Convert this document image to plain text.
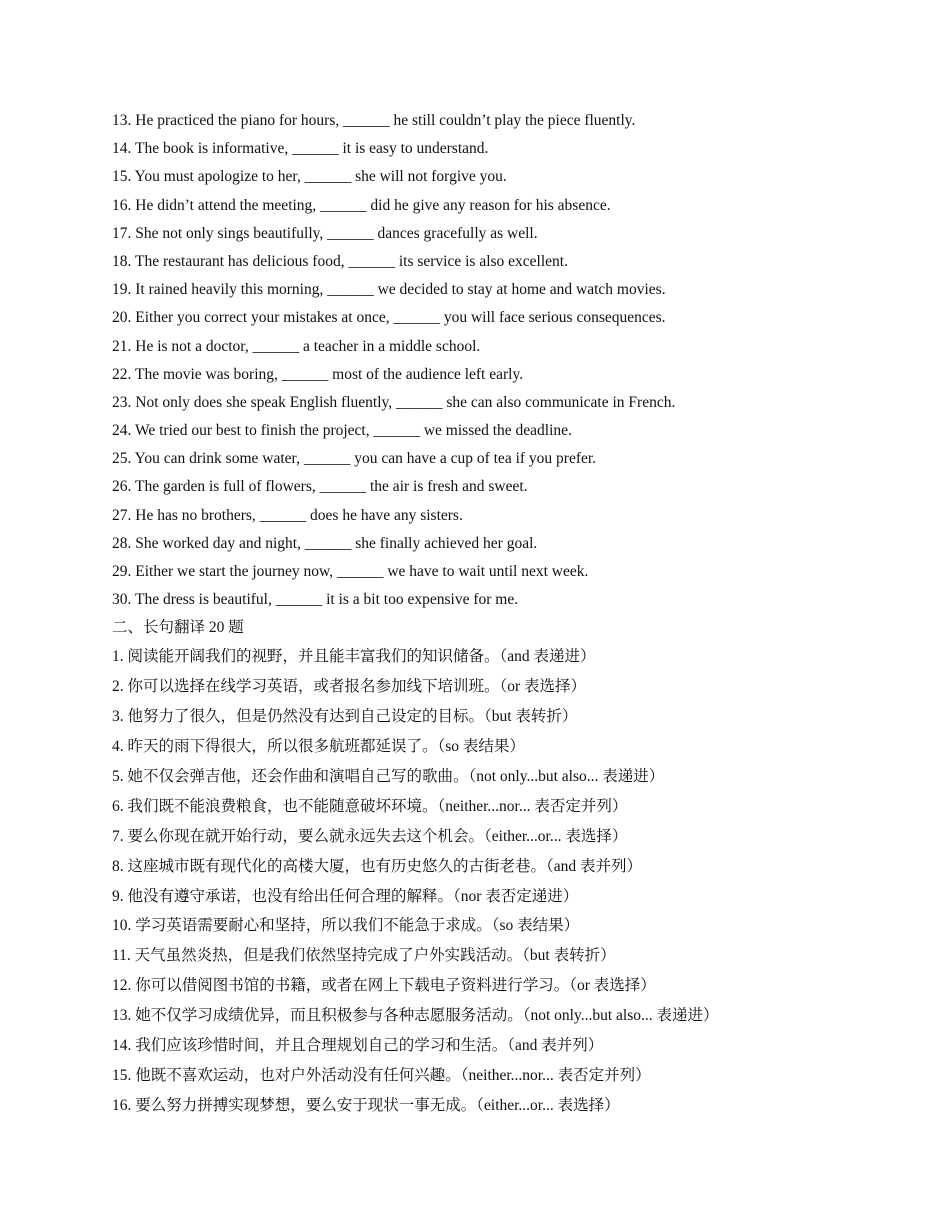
13. He practiced the piano for hours, ______ he still couldn’t play the piece fluently.
14. The book is informative, ______ it is easy to understand.
15. You must apologize to her, ______ she will not forgive you.
16. He didn’t attend the meeting, ______ did he give any reason for his absence.
17. She not only sings beautifully, ______ dances gracefully as well.
18. The restaurant has delicious food, ______ its service is also excellent.
19. It rained heavily this morning, ______ we decided to stay at home and watch movies.
20. Either you correct your mistakes at once, ______ you will face serious consequences.
21. He is not a doctor, ______ a teacher in a middle school.
22. The movie was boring, ______ most of the audience left early.
23. Not only does she speak English fluently, ______ she can also communicate in French.
24. We tried our best to finish the project, ______ we missed the deadline.
25. You can drink some water, ______ you can have a cup of tea if you prefer.
26. The garden is full of flowers, ______ the air is fresh and sweet.
27. He has no brothers, ______ does he have any sisters.
28. She worked day and night, ______ she finally achieved her goal.
29. Either we start the journey now, ______ we have to wait until next week.
30. The dress is beautiful, ______ it is a bit too expensive for me.
二、长句翻译 20 题
1. 阅读能开阔我们的视野，并且能丰富我们的知识储备。（and 表递进）
2. 你可以选择在线学习英语，或者报名参加线下培训班。（or 表选择）
3. 他努力了很久，但是仍然没有达到自己设定的目标。（but 表转折）
4. 昨天的雨下得很大，所以很多航班都延误了。（so 表结果）
5. 她不仅会弹吉他，还会作曲和演唱自己写的歌曲。（not only...but also... 表递进）
6. 我们既不能浪费粮食，也不能随意破坏环境。（neither...nor... 表否定并列）
7. 要么你现在就开始行动，要么就永远失去这个机会。（either...or... 表选择）
8. 这座城市既有现代化的高楼大厦，也有历史悠久的古街老巷。（and 表并列）
9. 他没有遵守承诺，也没有给出任何合理的解释。（nor 表否定递进）
10. 学习英语需要耐心和坚持，所以我们不能急于求成。（so 表结果）
11. 天气虽然炎热，但是我们依然坚持完成了户外实践活动。（but 表转折）
12. 你可以借阅图书馆的书籍，或者在网上下载电子资料进行学习。（or 表选择）
13. 她不仅学习成绩优异，而且积极参与各种志愿服务活动。（not only...but also... 表递进）
14. 我们应该珍惜时间，并且合理规划自己的学习和生活。（and 表并列）
15. 他既不喜欢运动，也对户外活动没有任何兴趣。（neither...nor... 表否定并列）
16. 要么努力拼搏实现梦想，要么安于现状一事无成。（either...or... 表选择）
